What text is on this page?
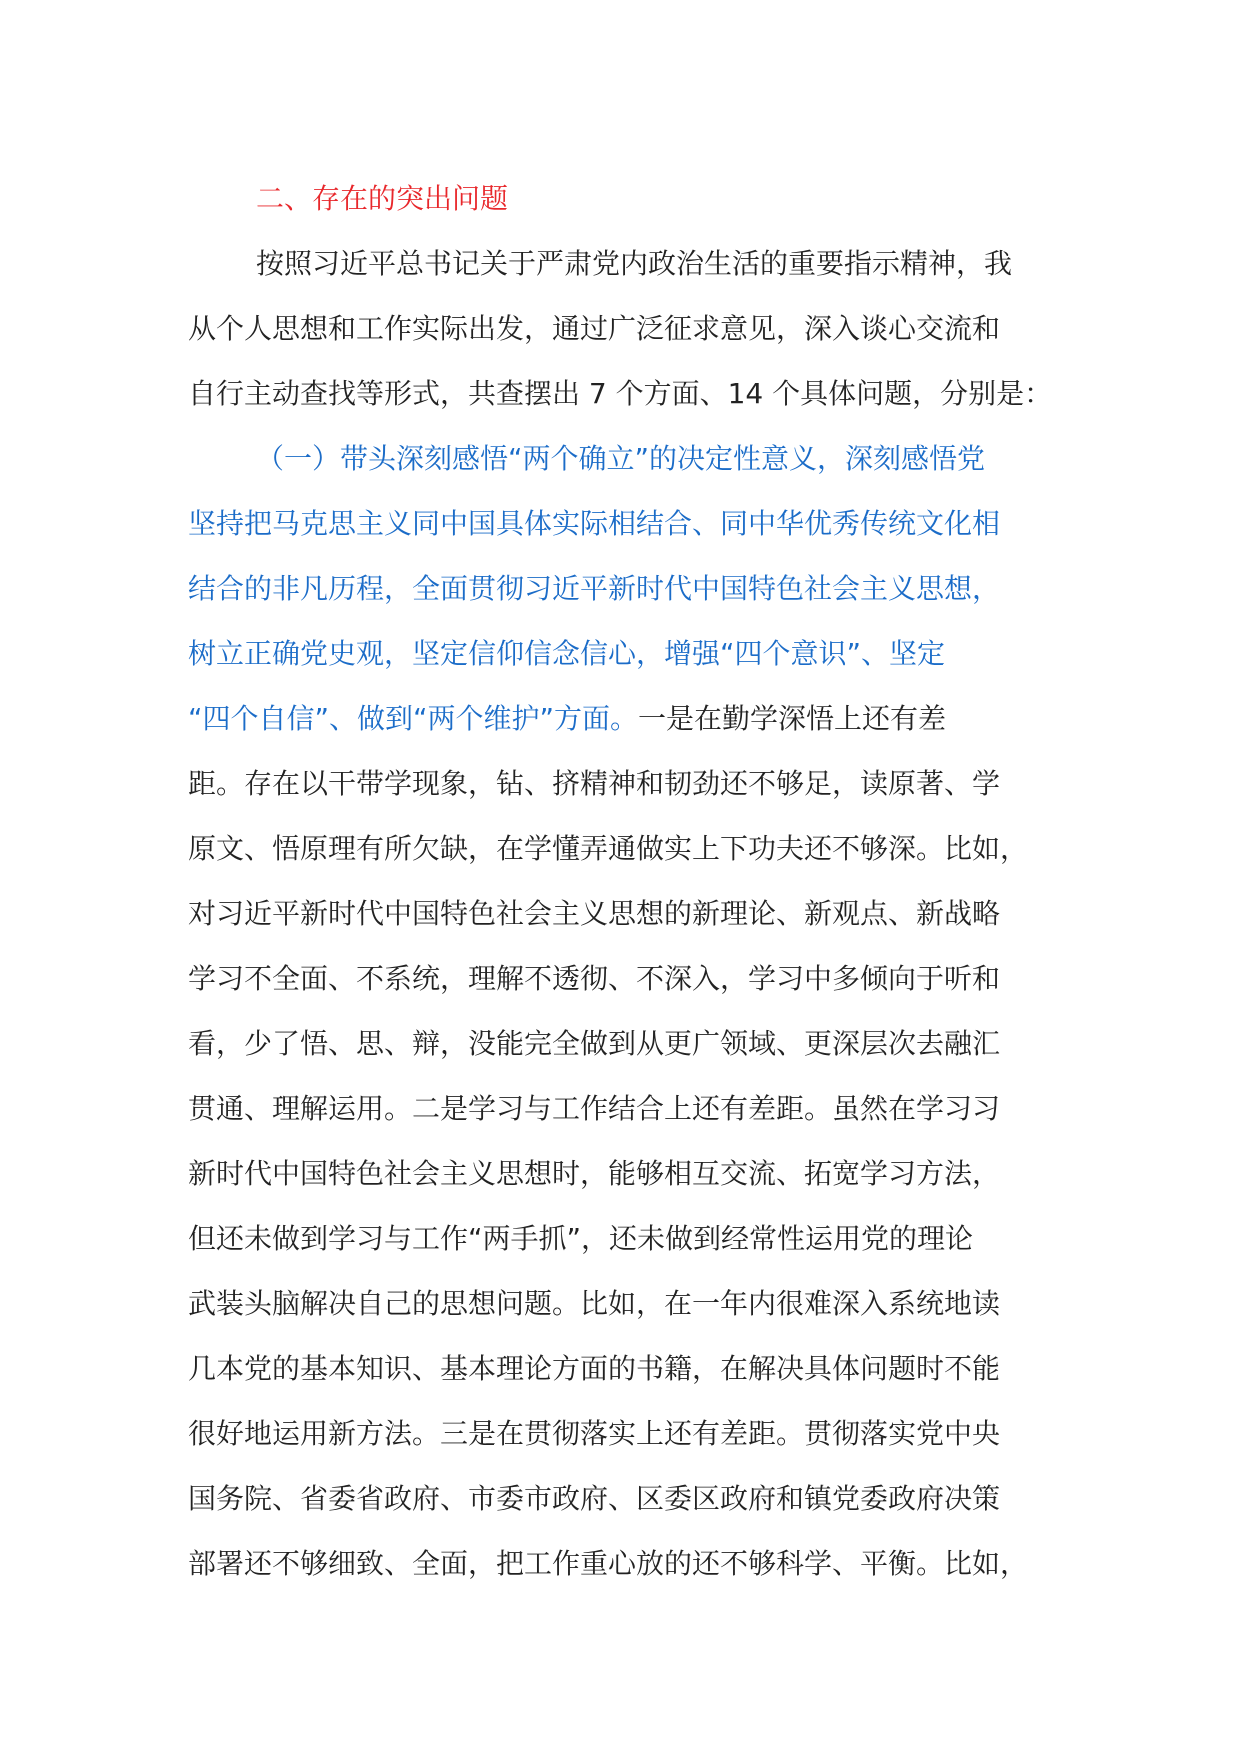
二、存在的突出问题
按照习近平总书记关于严肃党内政治生活的重要指示精神，我
从个人思想和工作实际出发，通过广泛征求意见，深入谈心交流和
自行主动查找等形式，共查摆出 7 个方面、14 个具体问题，分别是：
（一）带头深刻感悟“两个确立”的决定性意义，深刻感悟党
坚持把马克思主义同中国具体实际相结合、同中华优秀传统文化相
结合的非凡历程，全面贯彻习近平新时代中国特色社会主义思想，
树立正确党史观，坚定信仰信念信心，增强“四个意识”、坚定
“四个自信”、做到“两个维护”方面。一是在勤学深悟上还有差
距。存在以干带学现象，钻、挤精神和韧劲还不够足，读原著、学
原文、悟原理有所欠缺，在学懂弄通做实上下功夫还不够深。比如，
对习近平新时代中国特色社会主义思想的新理论、新观点、新战略
学习不全面、不系统，理解不透彻、不深入，学习中多倾向于听和
看，少了悟、思、辩，没能完全做到从更广领域、更深层次去融汇
贯通、理解运用。二是学习与工作结合上还有差距。虽然在学习习
新时代中国特色社会主义思想时，能够相互交流、拓宽学习方法，
但还未做到学习与工作“两手抓”，还未做到经常性运用党的理论
武装头脑解决自己的思想问题。比如，在一年内很难深入系统地读
几本党的基本知识、基本理论方面的书籍，在解决具体问题时不能
很好地运用新方法。三是在贯彻落实上还有差距。贯彻落实党中央
国务院、省委省政府、市委市政府、区委区政府和镇党委政府决策
部署还不够细致、全面，把工作重心放的还不够科学、平衡。比如，
